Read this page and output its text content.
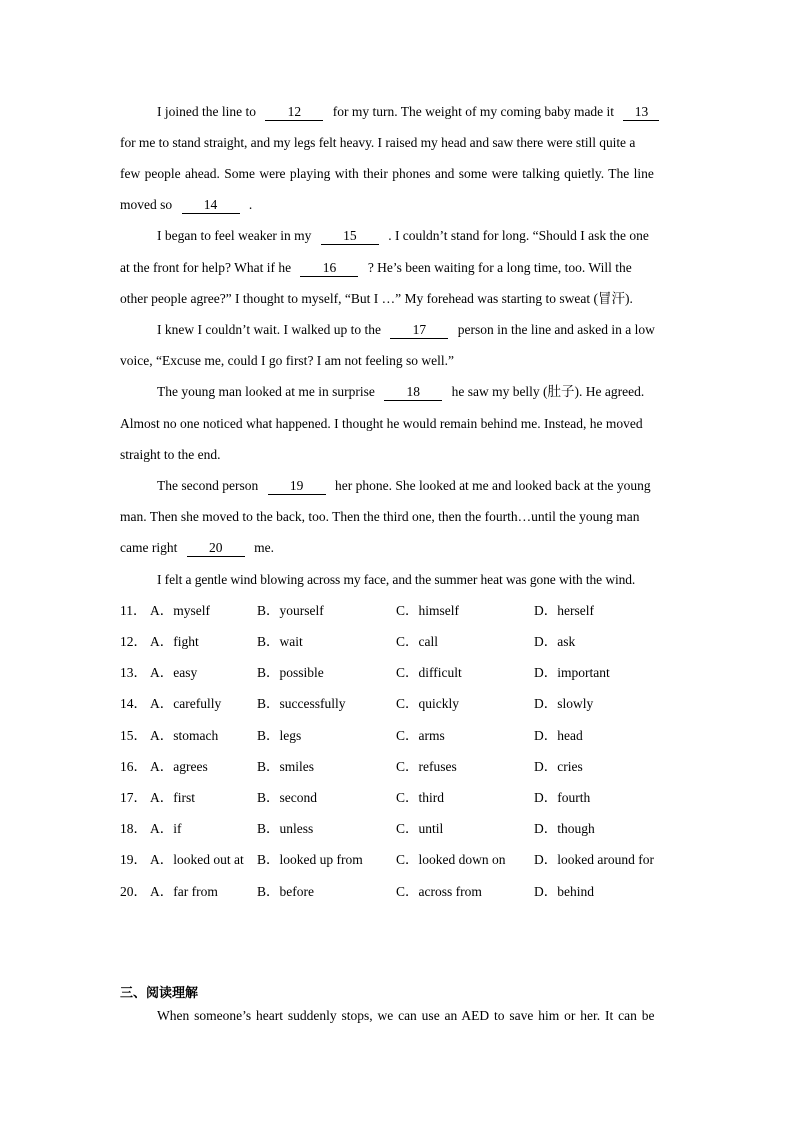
I joined the line to 12 for my turn. The weight of my coming baby made it 13
for me to stand straight, and my legs felt heavy. I raised my head and saw there were still quite a
few people ahead. Some were playing with their phones and some were talking quietly. The line
moved so 14 .
I began to feel weaker in my 15 . I couldn’t stand for long. “Should I ask the one
at the front for help? What if he 16 ? He’s been waiting for a long time, too. Will the
other people agree?” I thought to myself, “But I …” My forehead was starting to sweat (冒汗).
I knew I couldn’t wait. I walked up to the 17 person in the line and asked in a low
voice, “Excuse me, could I go first? I am not feeling so well.”
The young man looked at me in surprise 18 he saw my belly (肚子). He agreed.
Almost no one noticed what happened. I thought he would remain behind me. Instead, he moved
straight to the end.
The second person 19 her phone. She looked at me and looked back at the young
man. Then she moved to the back, too. Then the third one, then the fourth…until the young man
came right 20 me.
I felt a gentle wind blowing across my face, and the summer heat was gone with the wind.
11． A．myself	B．yourself	C．himself	D．herself
12． A．fight	B．wait	C．call	D．ask
13． A．easy	B．possible	C．difficult	D．important
14． A．carefully	B．successfully	C．quickly	D．slowly
15． A．stomach	B．legs	C．arms	D．head
16． A．agrees	B．smiles	C．refuses	D．cries
17． A．first	B．second	C．third	D．fourth
18． A．if	B．unless	C．until	D．though
19． A．looked out at B．looked up from C．looked down on D．looked around for
20． A．far from	B．before	C．across from	D．behind
三、阅读理解
When someone’s heart suddenly stops, we can use an AED to save him or her. It can be
